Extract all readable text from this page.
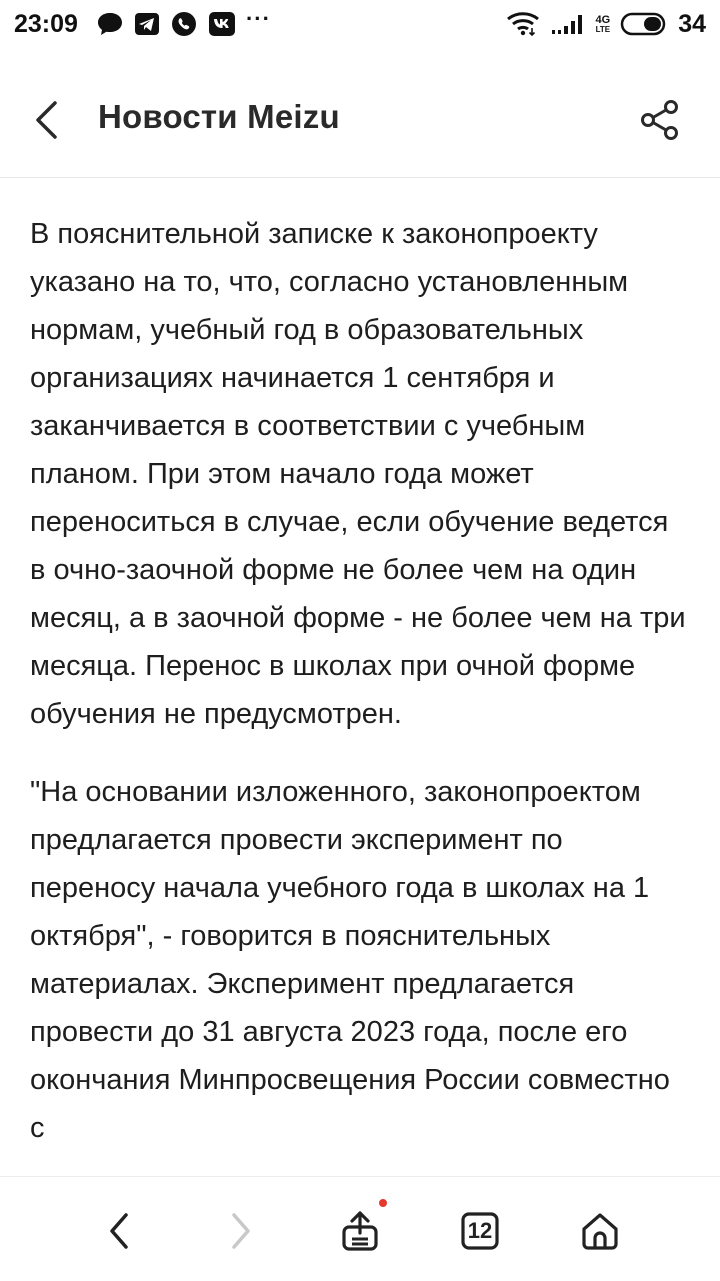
23:09	···	4G
LTE	34
Новости Meizu

В пояснительной записке к законопроекту указано на то, что, согласно установленным нормам, учебный год в образовательных организациях начинается 1 сентября и заканчивается в соответствии с учебным планом. При этом начало года может переноситься в случае, если обучение ведется в очно-заочной форме не более чем на один месяц, а в заочной форме - не более чем на три месяца. Перенос в школах при очной форме обучения не предусмотрен.

"На основании изложенного, законопроектом предлагается провести эксперимент по переносу начала учебного года в школах на 1 октября", - говорится в пояснительных материалах. Эксперимент предлагается провести до 31 августа 2023 года, после его окончания Минпросвещения России совместно с

12
